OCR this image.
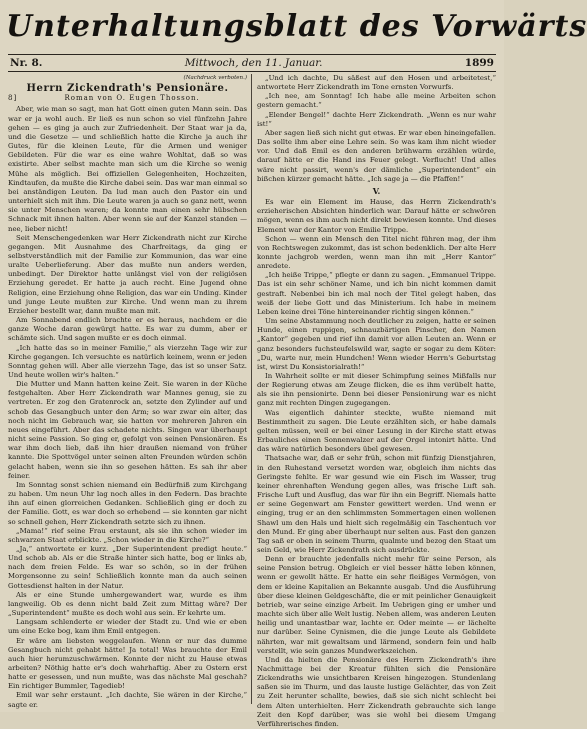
Unterhaltungsblatt des Vorwärts
Nr. 8.	Mittwoch, den 11. Januar.	1899
(Nachdruck verboten.)
Herrn Zickendrath's Pensionäre.
8]	Roman von O. Eugen Thosson.

Aber, wie man so sagt, man hat Gott einen guten Mann sein. Das war er ja wohl auch. Er ließ es nun schon so viel fünfzehn Jahre gehen — es ging ja auch zur Zufriedenheit. Der Staat war ja da, und die Gesetze — und schließlich hatte die Kirche ja auch ihr Gutes, für die kleinen Leute, für die Armen und weniger Gebildeten. Für die war es eine wahre Wohltat, daß so was existirte. Aber selbst machte man sich um die Kirche so wenig Mühe als möglich. Bei offiziellen Gelegenheiten, Hochzeiten, Kindtaufen, da mußte die Kirche dabei sein. Das war man einmal so bei anständigen Leuten. Da lud man auch den Pastor ein und unterhielt sich mit ihm. Die Leute waren ja auch so ganz nett, wenn sie unter Menschen waren; da konnte man einen sehr hübschen Schnack mit ihnen halten. Aber wenn sie auf der Kanzel standen — nee, lieber nicht!

Seit Menschengedenken war Herr Zickendrath nicht zur Kirche gegangen. Mit Ausnahme des Charfreitags, da ging er selbstverständlich mit der Familie zur Kommunion, das war eine uralte Ueberlieferung. Aber das mußte nun anders werden, unbedingt. Der Direktor hatte unlängst viel von der religiösen Erziehung geredet. Er hatte ja auch recht. Eine Jugend ohne Religion, eine Erziehung ohne Religion, das war ein Unding. Kinder und junge Leute mußten zur Kirche. Und wenn man zu ihrem Erzieher bestellt war, dann mußte man mit.

Am Sonnabend endlich brachte er es heraus, nachdem er die ganze Woche daran gewürgt hatte. Es war zu dumm, aber er schämte sich. Und sagen mußte er es doch einmal.

„Ich hatte das so in meiner Familie,“ als vierzehn Tage wir zur Kirche gegangen. Ich versuchte es natürlich keinem, wenn er jeden Sonntag gehen will. Aber alle vierzehn Tage, das ist so unser Satz. Und heute wollen wir's halten.“

Die Mutter und Mann hatten keine Zeit. Sie waren in der Küche festgehalten. Aber Herr Zickendrath war Mannes genug, sie zu vertreten. Er zog den Gratenrock an, setzte den Zylinder auf und schob das Gesangbuch unter den Arm; so war zwar ein alter, das noch nicht im Gebrauch war, sie hatten vor mehreren Jahren ein neues eingeführt. Aber das schadete nichts. Singen war überhaupt nicht seine Passion. So ging er, gefolgt von seinen Pensionären. Es war ihm doch lieb, daß ihn hier draußen niemand von früher kannte. Die Spottvögel unter seinen alten Freunden würden schön gelacht haben, wenn sie ihn so gesehen hätten. Es sah ihr aber feiner.

Im Sonntag sonst schien niemand ein Bedürfniß zum Kirchgang zu haben. Um neun Uhr lag noch alles in den Federn. Das brachte ihn auf einen glorreichen Gedanken. Schließlich ging er doch zu der Familie. Gott, es war doch so erhebend — sie konnten gar nicht so schnell gehen, Herr Zickendrath setzte sich zu ihnen.

„Mama!“ rief seine Frau erstaunt, als sie ihn schon wieder im schwarzen Staat erblickte. „Schon wieder in die Kirche?“

„Ja,“ antwortete er kurz. „Der Superintendent predigt heute.“ Und schob ab. Als er die Straße hinter sich hatte, bog er links ab, nach dem freien Felde. Es war so schön, so in der frühen Morgensonne zu sein! Schließlich konnte man da auch seinen Gottesdienst halten in der Natur.

Als er eine Stunde umhergewandert war, wurde es ihm langweilig. Ob es denn nicht bald Zeit zum Mittag wäre? Der „Superintendent“ mußte es doch wohl aus sein. Er kehrte um.

Langsam schlenderte er wieder der Stadt zu. Und wie er eben um eine Ecke bog, kam ihm Emil entgegen.

Er wäre am liebsten weggelaufen. Wenn er nur das dumme Gesangbuch nicht gehabt hätte! Ja total! Was brauchte der Emil auch hier herumzuschwärmen. Konnte der nicht zu Hause etwas arbeiten? Nöthig hatte er's doch wahrhaftig. Aber zu Ostern erst hatte er gesessen, und nun mußte, was das nächste Mal geschah? Ein richtiger Bummler, Tagedieb!

Emil war sehr erstaunt. „Ich dachte, Sie wären in der Kirche,“ sagte er.

„Und ich dachte, Du säßest auf den Hosen und arbeitetest,“ antwortete Herr Zickendrath im Tone ernsten Vorwurfs.

„Ich nee, am Sonntag! Ich habe alle meine Arbeiten schon gestern gemacht.“

„Elender Bengel!“ dachte Herr Zickendrath. „Wenn es nur wahr ist!“

Aber sagen ließ sich nicht gut etwas. Er war eben hineingefallen. Das sollte ihm aber eine Lehre sein. So was kam ihm nicht wieder vor. Und daß Emil es den anderen brühwarm erzählen würde, darauf hätte er die Hand ins Feuer gelegt. Verflucht! Und alles wäre nicht passirt, wenn's der dämliche „Superintendent“ ein bißchen kürzer gemacht hätte. „Ich sage ja — die Pfaffen!“

V.

Es war ein Element im Hause, das Herrn Zickendrath's erzieherischen Absichten hinderlich war. Darauf hätte er schwören mögen, wenn es ihm auch nicht direkt bewiesen konnte. Und dieses Element war der Kantor von Emilie Trippe.

Schon — wenn ein Mensch den Titel nicht führen mag, der ihm von Rechtswegen zukommt, das ist schon bedenklich. Der alte Herr konnte jachgrob werden, wenn man ihn mit „Herr Kantor“ anredete.

„Ich heiße Trippe,“ pflegte er dann zu sagen. „Emmanuel Trippe. Das ist ein sehr schöner Name, und ich bin nicht kommen damit gestraft. Nebenbei bin ich mal noch der Titel gelegt haben, das weiß der liebe Gott und das Ministerium. Ich habe in meinem Leben keine drei Töne hintereinander richtig singen können.“

Um seine Abstammung noch deutlicher zu zeigen, hatte er seinen Hunde, einen ruppigen, schnauzbärtigen Pinscher, den Namen „Kantor“ gegeben und rief ihn damit vor allen Leuten an. Wenn er ganz besonders fuchsteufelswild war, sagte er sogar zu dem Köter: „Du, warte nur, mein Hundchen! Wenn wieder Herrn's Geburtstag ist, wirst Du Konsistorialrath!“

In Wahrheit sollte er mit dieser Schimpfung seines Mißfalls nur der Regierung etwas am Zeuge flicken, die es ihm verübelt hatte, als sie ihn pensionirte. Denn bei dieser Pensionirung war es nicht ganz mit rechten Dingen zugegangen.

Was eigentlich dahinter steckte, wußte niemand mit Bestimmtheit zu sagen. Die Leute erzählten sich, er habe damals gelten müssen, weil er bei einer Lesung in der Kirche statt etwas Erbauliches einen Sonnenwalzer auf der Orgel intonirt hätte. Und das wäre natürlich besonders übel gewesen.

Thatsache war, daß er sehr früh, schon mit fünfzig Dienstjahren, in den Ruhestand versetzt worden war, obgleich ihm nichts das Geringste fehlte. Er war gesund wie ein Fisch im Wasser, trug keiner ehrenhaften Wendung gegen alles, was frische Luft sah. Frische Luft und Ausflug, das war für ihn ein Begriff. Niemals hatte er seine Gegenwart am Fenster gewittert werden. Und wenn er einging, trug er an den schlimmsten Sommertagen einen wollenen Shawl um den Hals und hielt sich regelmäßig ein Taschentuch vor den Mund. Er ging aber überhaupt nur selten aus. Fast den ganzen Tag saß er oben in seinem Thurm, qualmte und bezog den Staat um sein Geld, wie Herr Zickendrath sich ausdrückte.

Denn er brauchte jedenfalls nicht mehr für seine Person, als seine Pension betrug. Obgleich er viel besser hätte leben können, wenn er gewollt hätte. Er hatte ein sehr fleißiges Vermögen, von dem er kleine Kapitalien an Bekannte ausgab. Und die Ausführung über diese kleinen Geldgeschäfte, die er mit peinlicher Genauigkeit betrieb, war seine einzige Arbeit. Im Uebrigen ging er umher und machte sich über alle Welt lustig. Neben allem, was anderen Leuten heilig und unantastbar war, lachte er. Oder meinte — er lächelte nur darüber. Seine Cynismen, die die junge Leute als Gebildete nährten, war mit gewaltsam und lärmend, sondern fein und halb verstellt, wie sein ganzes Mundwerkszeichen.

Und da hielten die Pensionäre des Herrn Zickendrath's ihre Nachmittage bei der Kreatur fühlten sich die Pensionäre Zickendraths wie unsichtbaren Kreisen hingezogen. Stundenlang saßen sie im Thurm, und das lauste lustige Gelächter, das von Zeit zu Zeit herunter schallte, bewies, daß sie sich nicht schlecht bei dem Alten unterhielten. Herr Zickendrath gebrauchte sich lange Zeit den Kopf darüber, was sie wohl bei diesem Umgang Verführerisches finden.
